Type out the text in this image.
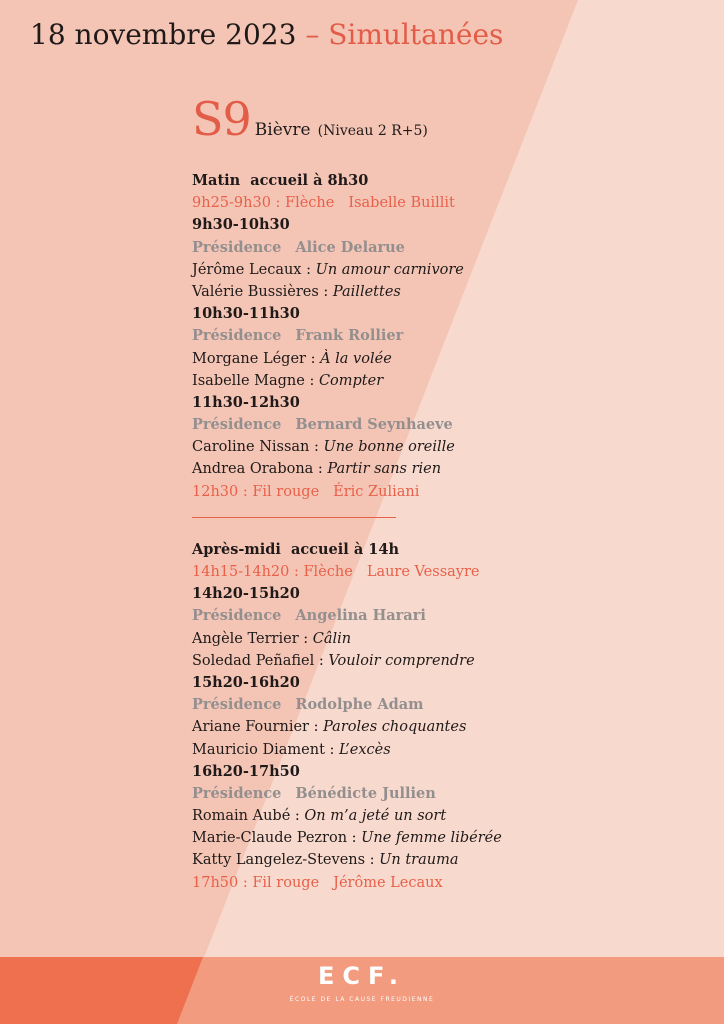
18 novembre 2023 – Simultanées
S9 Bièvre (Niveau 2 R+5)
Matin accueil à 8h30
9h25-9h30 : Flèche Isabelle Buillit
9h30-10h30
Présidence Alice Delarue
Jérôme Lecaux : Un amour carnivore
Valérie Bussières : Paillettes
10h30-11h30
Présidence Frank Rollier
Morgane Léger : À la volée
Isabelle Magne : Compter
11h30-12h30
Présidence Bernard Seynhaeve
Caroline Nissan : Une bonne oreille
Andrea Orabona : Partir sans rien
12h30 : Fil rouge Éric Zuliani
Après-midi accueil à 14h
14h15-14h20 : Flèche Laure Vessayre
14h20-15h20
Présidence Angelina Harari
Angèle Terrier : Câlin
Soledad Peñafiel : Vouloir comprendre
15h20-16h20
Présidence Rodolphe Adam
Ariane Fournier : Paroles choquantes
Mauricio Diament : L’excès
16h20-17h50
Présidence Bénédicte Jullien
Romain Aubé : On m’a jeté un sort
Marie-Claude Pezron : Une femme libérée
Katty Langelez-Stevens : Un trauma
17h50 : Fil rouge Jérôme Lecaux
ECF.
ÉCOLE DE LA CAUSE FREUDIENNE
